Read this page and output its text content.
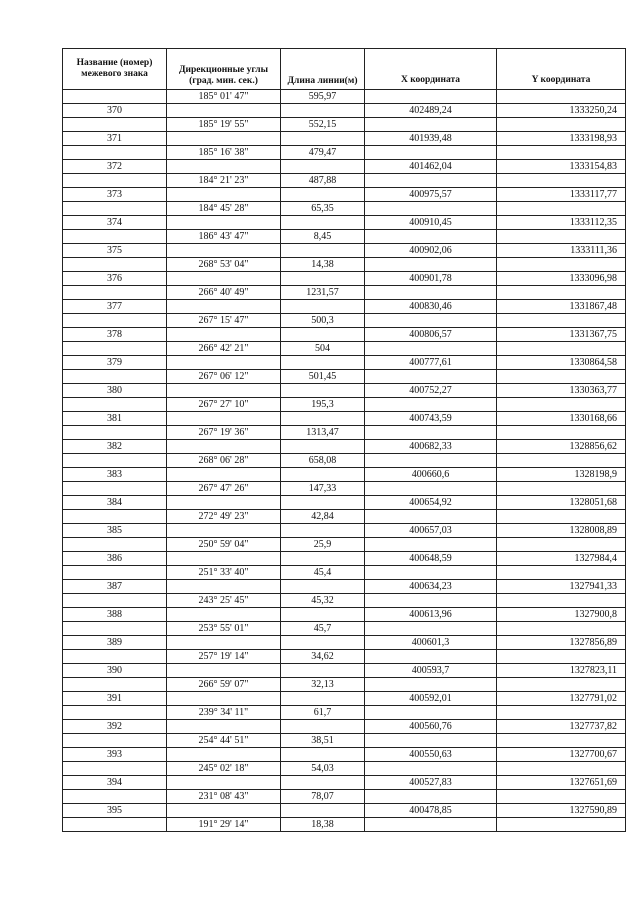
Название (номер) межевого знака	Дирекционные углы (град. мин. сек.)	Длина линии(м)	X координата	Y координата
	185° 01' 47"	595,97		
370			402489,24	1333250,24
	185° 19' 55"	552,15		
371			401939,48	1333198,93
	185° 16' 38"	479,47		
372			401462,04	1333154,83
	184° 21' 23"	487,88		
373			400975,57	1333117,77
	184° 45' 28"	65,35		
374			400910,45	1333112,35
	186° 43' 47"	8,45		
375			400902,06	1333111,36
	268° 53' 04"	14,38		
376			400901,78	1333096,98
	266° 40' 49"	1231,57		
377			400830,46	1331867,48
	267° 15' 47"	500,3		
378			400806,57	1331367,75
	266° 42' 21"	504		
379			400777,61	1330864,58
	267° 06' 12"	501,45		
380			400752,27	1330363,77
	267° 27' 10"	195,3		
381			400743,59	1330168,66
	267° 19' 36"	1313,47		
382			400682,33	1328856,62
	268° 06' 28"	658,08		
383			400660,6	1328198,9
	267° 47' 26"	147,33		
384			400654,92	1328051,68
	272° 49' 23"	42,84		
385			400657,03	1328008,89
	250° 59' 04"	25,9		
386			400648,59	1327984,4
	251° 33' 40"	45,4		
387			400634,23	1327941,33
	243° 25' 45"	45,32		
388			400613,96	1327900,8
	253° 55' 01"	45,7		
389			400601,3	1327856,89
	257° 19' 14"	34,62		
390			400593,7	1327823,11
	266° 59' 07"	32,13		
391			400592,01	1327791,02
	239° 34' 11"	61,7		
392			400560,76	1327737,82
	254° 44' 51"	38,51		
393			400550,63	1327700,67
	245° 02' 18"	54,03		
394			400527,83	1327651,69
	231° 08' 43"	78,07		
395			400478,85	1327590,89
	191° 29' 14"	18,38		
